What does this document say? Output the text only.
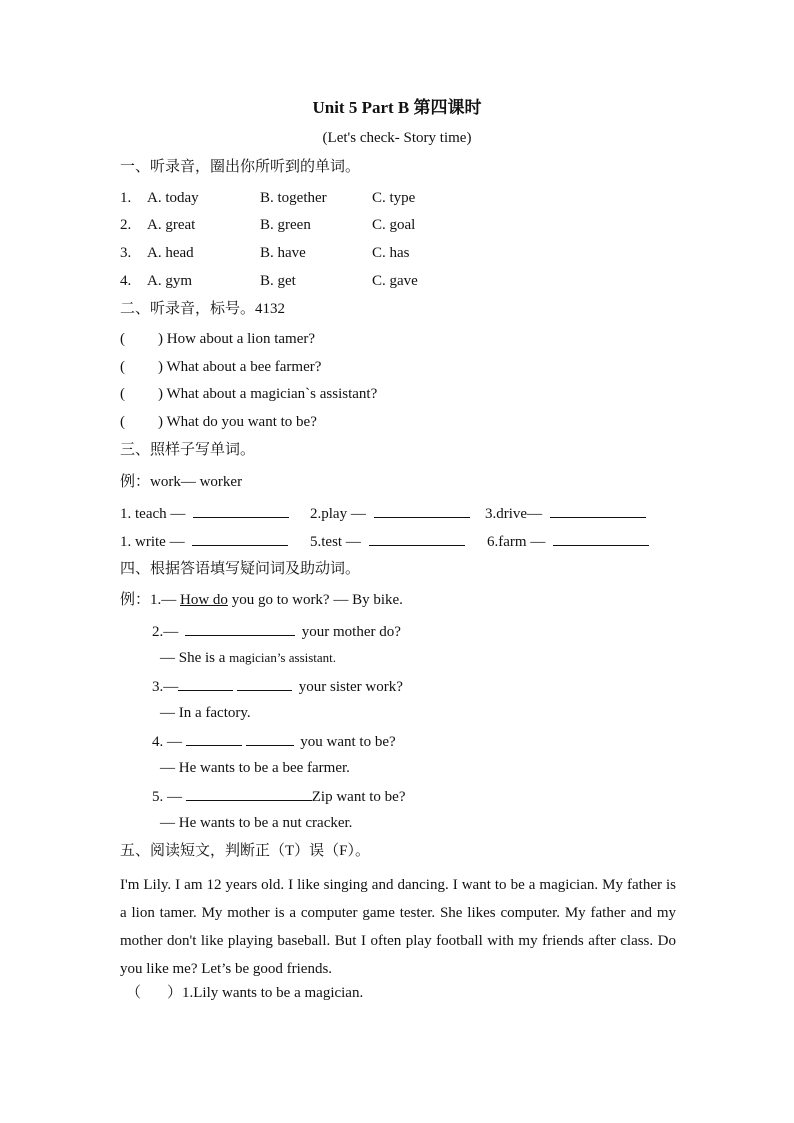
Unit 5 Part B 第四课时
(Let's check- Story time)
一、听录音，圈出你所听到的单词。
1. A. today	B. together	C. type
2. A. great	B. green	C. goal
3. A. head	B. have	C. has
4. A. gym	B. get	C. gave
二、听录音，标号。4132
( ) How about a lion tamer?
( ) What about a bee farmer?
( ) What about a magician`s assistant?
( ) What do you want to be?
三、照样子写单词。
例：work— worker
1. teach —	2.play —	3.drive—
1. write —	5.test —	6.farm —
四、根据答语填写疑问词及助动词。
例：1.— How do you go to work? — By bike.
2.—	your mother do?
— She is a magician’s assistant.
3.—	your sister work?
— In a factory.
4. —	you want to be?
— He wants to be a bee farmer.
5. —	Zip want to be?
— He wants to be a nut cracker.
五、阅读短文，判断正（T）误（F）。
I'm Lily. I am 12 years old. I like singing and dancing. I want to be a magician. My father is a lion tamer. My mother is a computer game tester. She likes computer. My father and my mother don't like playing baseball. But I often play football with my friends after class. Do you like me? Let’s be good friends.
（ ）1.Lily wants to be a magician.
